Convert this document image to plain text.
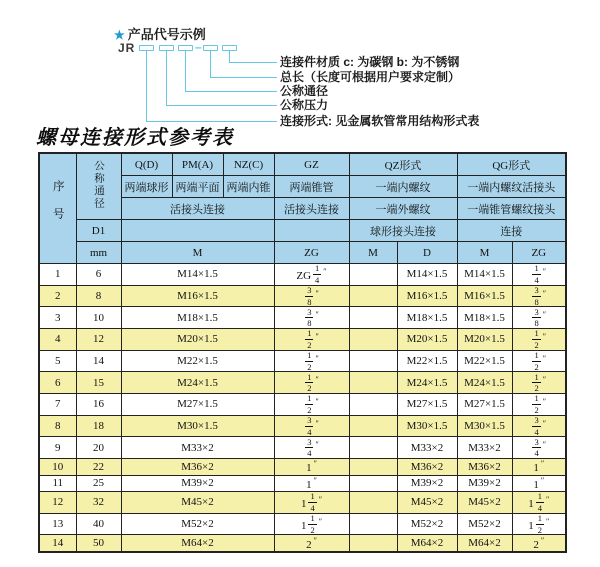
★ 产品代号示例
JR	–
连接件材质 c: 为碳钢 b: 为不锈钢
总长（长度可根据用户要求定制）
公称通径
公称压力
连接形式: 见金属软管常用结构形式表
螺母连接形式参考表
序号	公称通径	Q(D)	PM(A)	NZ(C)	GZ	QZ形式		QG形式	
		两端球形	两端平面	两端内锥	两端锥管	一端内螺纹		一端内螺纹活接头	
		活接头连接			活接头连接	一端外螺纹		一端锥管螺纹接头	
	D1					球形接头连接		连接	
	mm	M			ZG	M	D	M	ZG
1	6	M14×1.5			ZG $\frac{1}{4} ''$		M14×1.5	M14×1.5	$\frac{1}{4} ''$
2	8	M16×1.5			$\frac{3}{8} ''$		M16×1.5	M16×1.5	$\frac{3}{8} ''$
3	10	M18×1.5			$\frac{3}{8} ''$		M18×1.5	M18×1.5	$\frac{3}{8} ''$
4	12	M20×1.5			$\frac{1}{2} ''$		M20×1.5	M20×1.5	$\frac{1}{2} ''$
5	14	M22×1.5			$\frac{1}{2} ''$		M22×1.5	M22×1.5	$\frac{1}{2} ''$
6	15	M24×1.5			$\frac{1}{2} ''$		M24×1.5	M24×1.5	$\frac{1}{2} ''$
7	16	M27×1.5			$\frac{1}{2} ''$		M27×1.5	M27×1.5	$\frac{1}{2} ''$
8	18	M30×1.5			$\frac{3}{4} ''$		M30×1.5	M30×1.5	$\frac{3}{4} ''$
9	20	M33×2			$\frac{3}{4} ''$		M33×2	M33×2	$\frac{3}{4} ''$
10	22	M36×2			1 ″		M36×2	M36×2	1 ″
11	25	M39×2			1 ″		M39×2	M39×2	1 ″
12	32	M45×2			$1 \frac{1}{4} ''$		M45×2	M45×2	$1 \frac{1}{4} ''$
13	40	M52×2			$1 \frac{1}{2} ''$		M52×2	M52×2	$1 \frac{1}{2} ''$
14	50	M64×2			2 ″		M64×2	M64×2	2 ″
